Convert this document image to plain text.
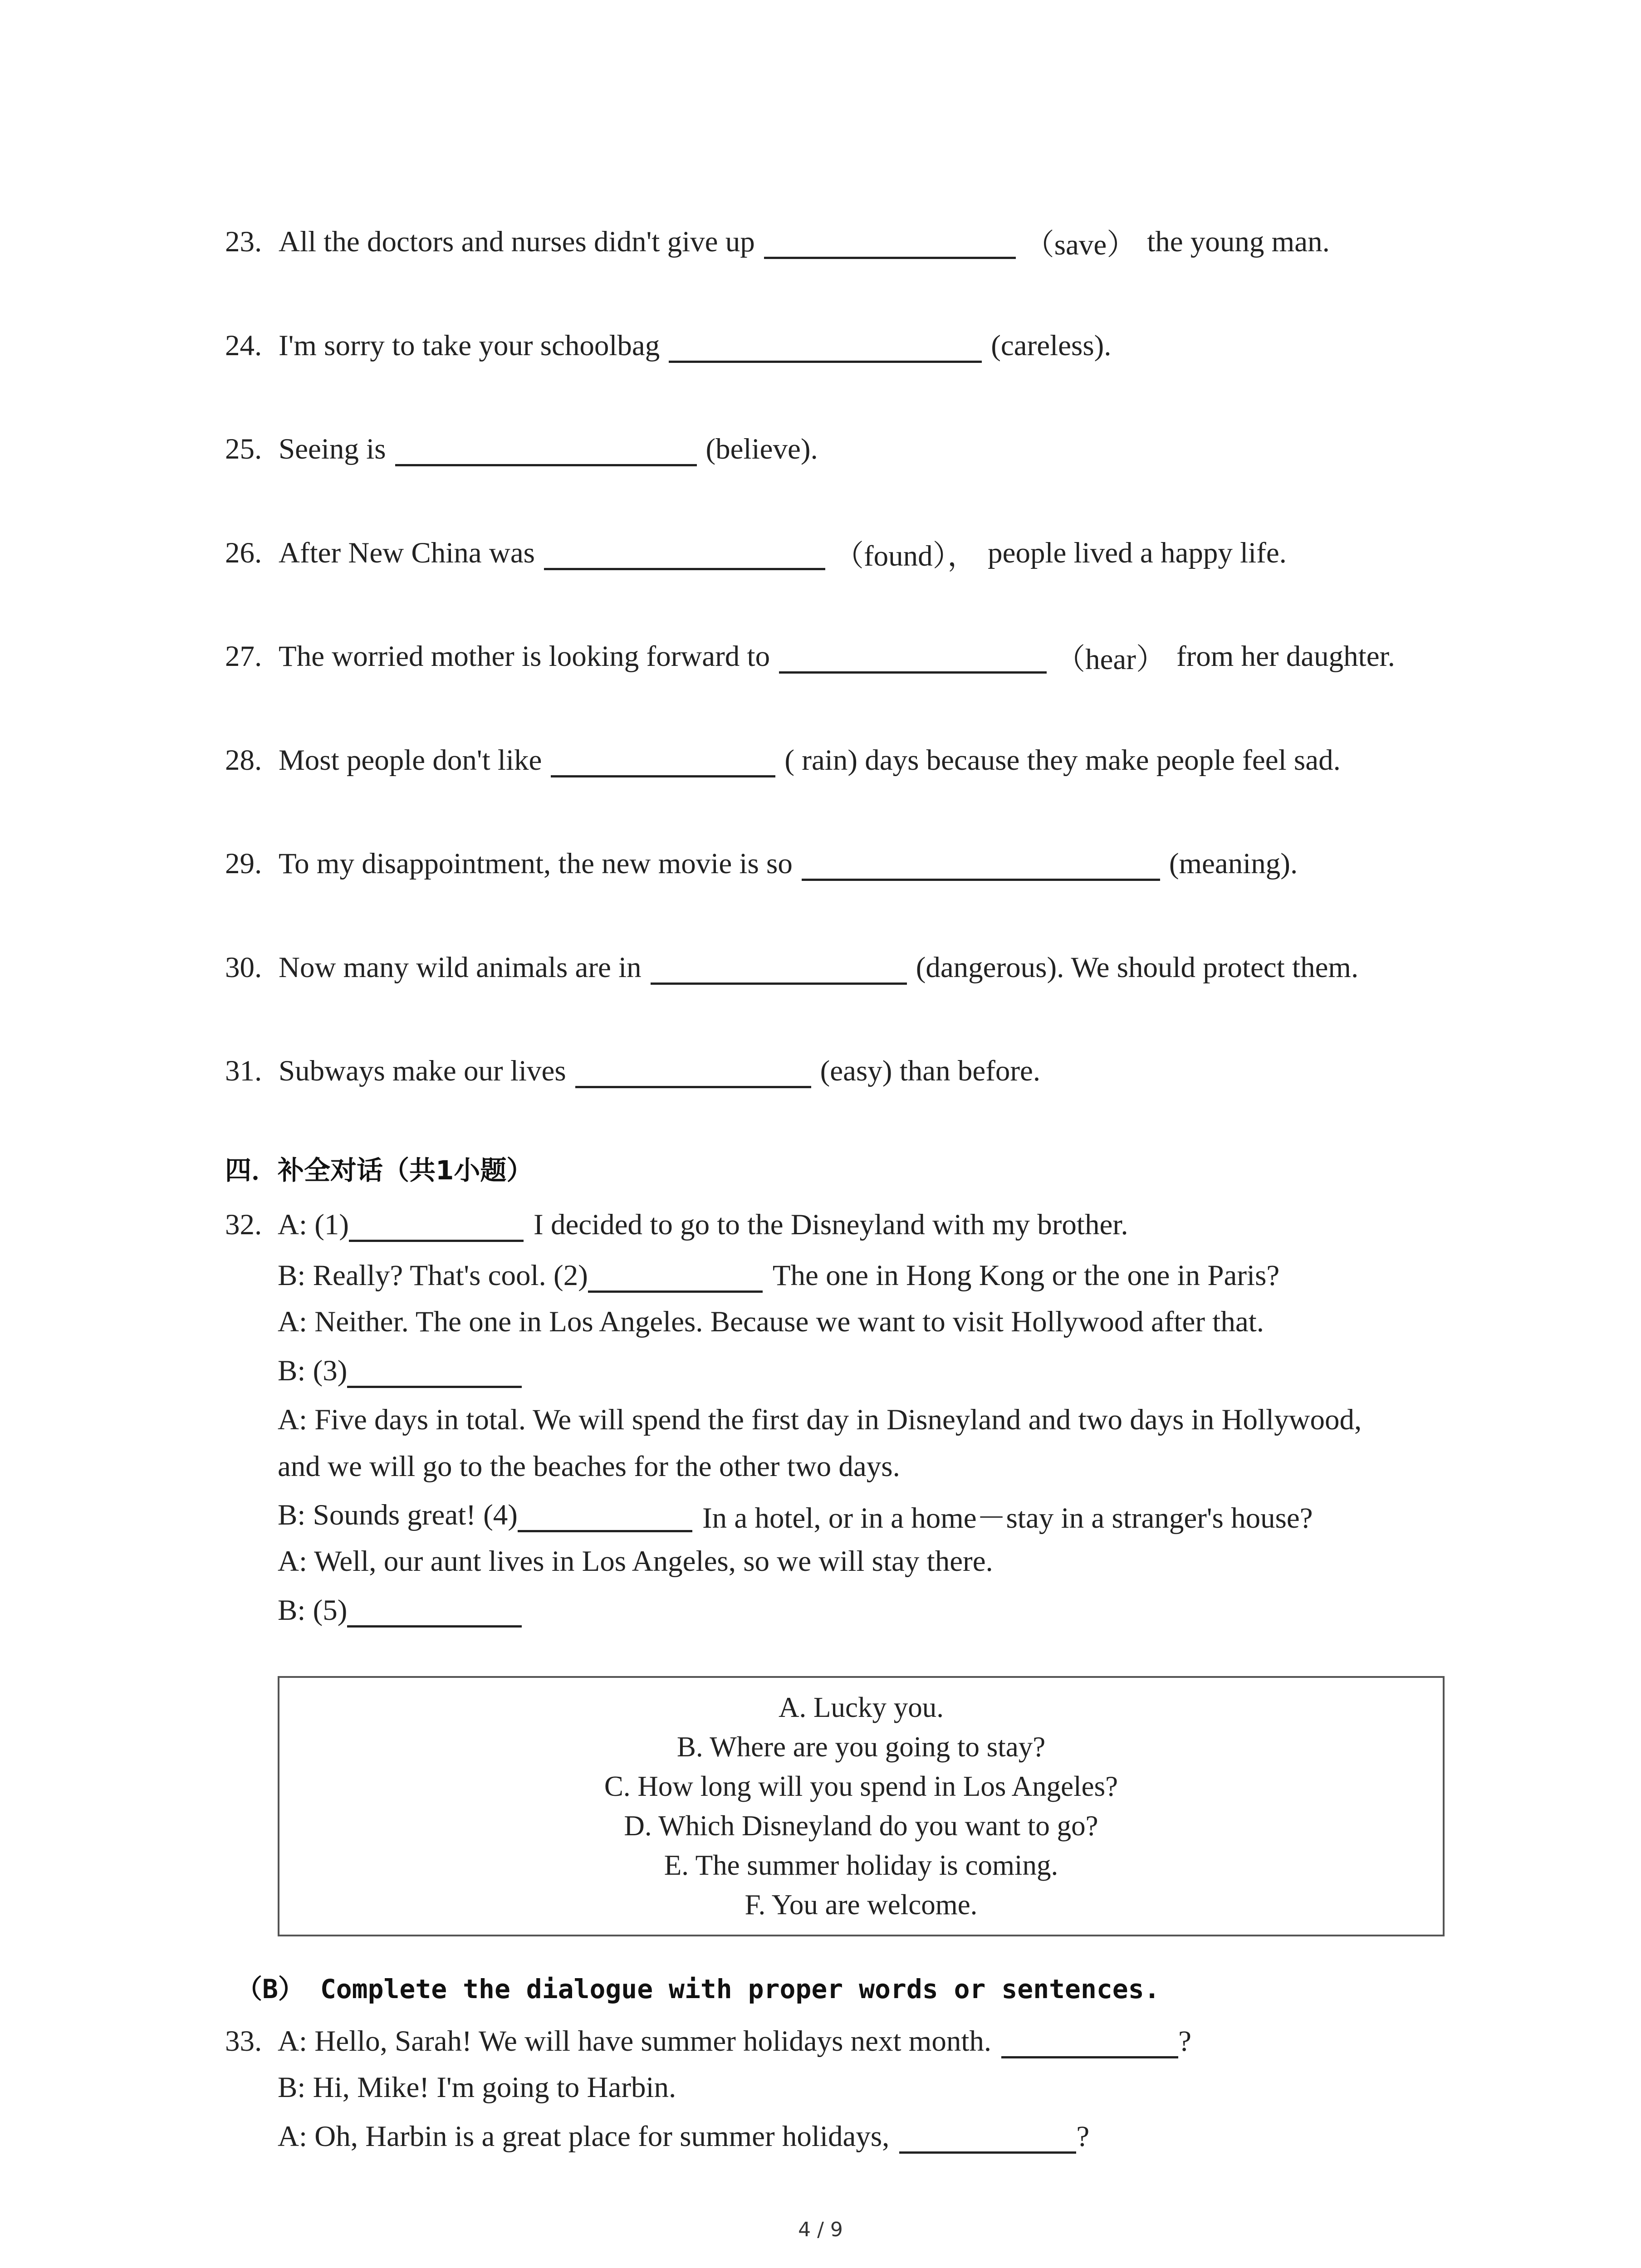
23. All the doctors and nurses didn't give up	（save） the young man.
24. I'm sorry to take your schoolbag	(careless).
25. Seeing is	(believe).
26. After New China was	（found）， people lived a happy life.
27. The worried mother is looking forward to	（hear） from her daughter.
28. Most people don't like	( rain) days because they make people feel sad.
29. To my disappointment, the new movie is so	(meaning).
30. Now many wild animals are in	(dangerous). We should protect them.
31. Subways make our lives	(easy) than before.
四．补全对话（共1小题）
32. A: (1)	I decided to go to the Disneyland with my brother.
B: Really? That's cool. (2)	The one in Hong Kong or the one in Paris?
A: Neither. The one in Los Angeles. Because we want to visit Hollywood after that.
B: (3)
A: Five days in total. We will spend the first day in Disneyland and two days in Hollywood,
and we will go to the beaches for the other two days.
B: Sounds great! (4)	In a hotel, or in a home－stay in a stranger's house?
A: Well, our aunt lives in Los Angeles, so we will stay there.
B: (5)
A. Lucky you.
B. Where are you going to stay?
C. How long will you spend in Los Angeles?
D. Which Disneyland do you want to go?
E. The summer holiday is coming.
F. You are welcome.
（B） Complete the dialogue with proper words or sentences.
33. A: Hello, Sarah! We will have summer holidays next month.	?
B: Hi, Mike! I'm going to Harbin.
A: Oh, Harbin is a great place for summer holidays,	?
4 / 9
